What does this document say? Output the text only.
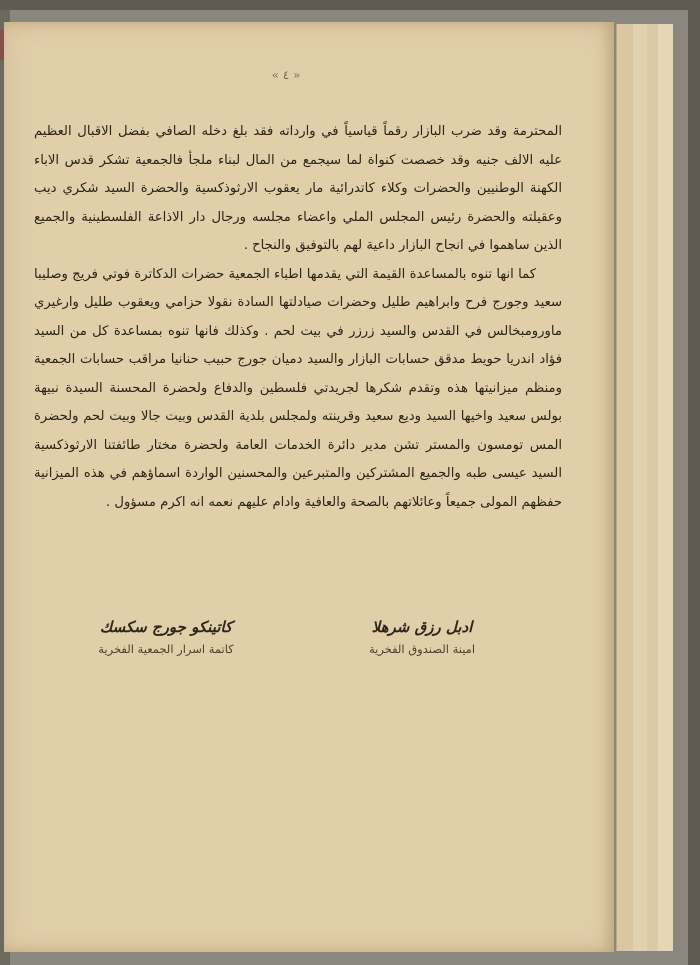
« ٤ »

المحترمة وقد ضرب البازار رقماً قياسياً في وارداته فقد بلغ دخله الصافي بفضل الاقبال العظيم عليه الالف جنيه وقد خصصت كنواة لما سيجمع من المال لبناء ملجأ فالجمعية تشكر قدس الاباء الكهنة الوطنيين والحضرات وكلاء كاتدرائية مار يعقوب الارثوذكسية والحضرة السيد شكري ديب وعقيلته والحضرة رئيس المجلس الملي واعضاء مجلسه ورجال دار الاذاعة الفلسطينية والجميع الذين ساهموا في انجاح البازار داعية لهم بالتوفيق والنجاح .

كما انها تنوه بالمساعدة القيمة التي يقدمها اطباء الجمعية حضرات الدكاترة فوتي فريج وصليبا سعيد وجورج فرح وابراهيم طليل وحضرات صيادلتها السادة نقولا حزامي ويعقوب طليل وارغيري ماورومبخالس في القدس والسيد زرزر في بيت لحم . وكذلك فانها تنوه بمساعدة كل من السيد فؤاد اندريا حويط مدقق حسابات البازار والسيد دميان جورج حبيب حنانيا مراقب حسابات الجمعية ومنظم ميزانيتها هذه وتقدم شكرها لجريدتي فلسطين والدفاع ولحضرة المحسنة السيدة نبيهة بولس سعيد واخيها السيد وديع سعيد وقرينته ولمجلس بلدية القدس وبيت جالا وبيت لحم ولحضرة المس تومسون والمستر تشن مدير دائرة الخدمات العامة ولحضرة مختار طائفتنا الارثوذكسية السيد عيسى طبه والجميع المشتركين والمتبرعين والمحسنين الواردة اسماؤهم في هذه الميزانية حفظهم المولى جميعاً وعائلاتهم بالصحة والعافية وادام عليهم نعمه انه اكرم مسؤول .

كاتينكو جورج سكسك
كاتمة اسرار الجمعية الفخرية
ادبل رزق شرهلا
امينة الصندوق الفخرية
